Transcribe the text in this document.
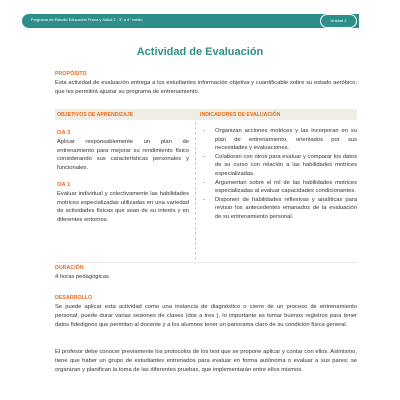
Programa de Estudio Educación Física y Salud 2 · 3° a 4° medio	Unidad 2
Actividad de Evaluación
PROPÓSITO
Esta actividad de evaluación entrega a los estudiantes información objetiva y cuantificable sobre su estado aeróbico; que les permitirá ajustar su programa de entrenamiento.
OBJETIVOS DE APRENDIZAJE	INDICADORES DE EVALUACIÓN
OA 3
Aplicar responsablemente un plan de entrenamiento para mejorar su rendimiento físico considerando sus características personales y funcionales.
OA 1
Evaluar individual y colectivamente las habilidades motrices especializadas utilizadas en una variedad de actividades físicas que sean de su interés y en diferentes entornos.
- Organizan acciones motrices y las incorporan en su plan de entrenamiento, orientados por sus necesidades y evaluaciones.
- Colaboran con otros para evaluar y comparar los datos de su curso con relación a las habilidades motrices especializadas.
- Argumentan sobre el rol de las habilidades motrices especializadas al evaluar capacidades condicionantes.
- Disponen de habilidades reflexivas y analíticas para revisar los antecedentes emanados de la evaluación de su entrenamiento personal.
DURACIÓN
4 horas pedagógicas
DESARROLLO
Se puede aplicar esta actividad como una instancia de diagnóstico o cierre de un proceso de entrenamiento personal; puede durar varias sesiones de clases (dos a tres ), lo importante es tomar buenos registros para tener datos fidedignos que permitan al docente y a los alumnos tener un panorama claro de su condición física general.
El profesor debe conocer previamente los protocolos de los test que se propone aplicar y contar con ellos. Asimismo, tiene que haber un grupo de estudiantes entrenados para evaluar en forma autónoma o evaluar a sus pares; se organizan y planifican la toma de las diferentes pruebas, que implementarán entre ellos mismos.
